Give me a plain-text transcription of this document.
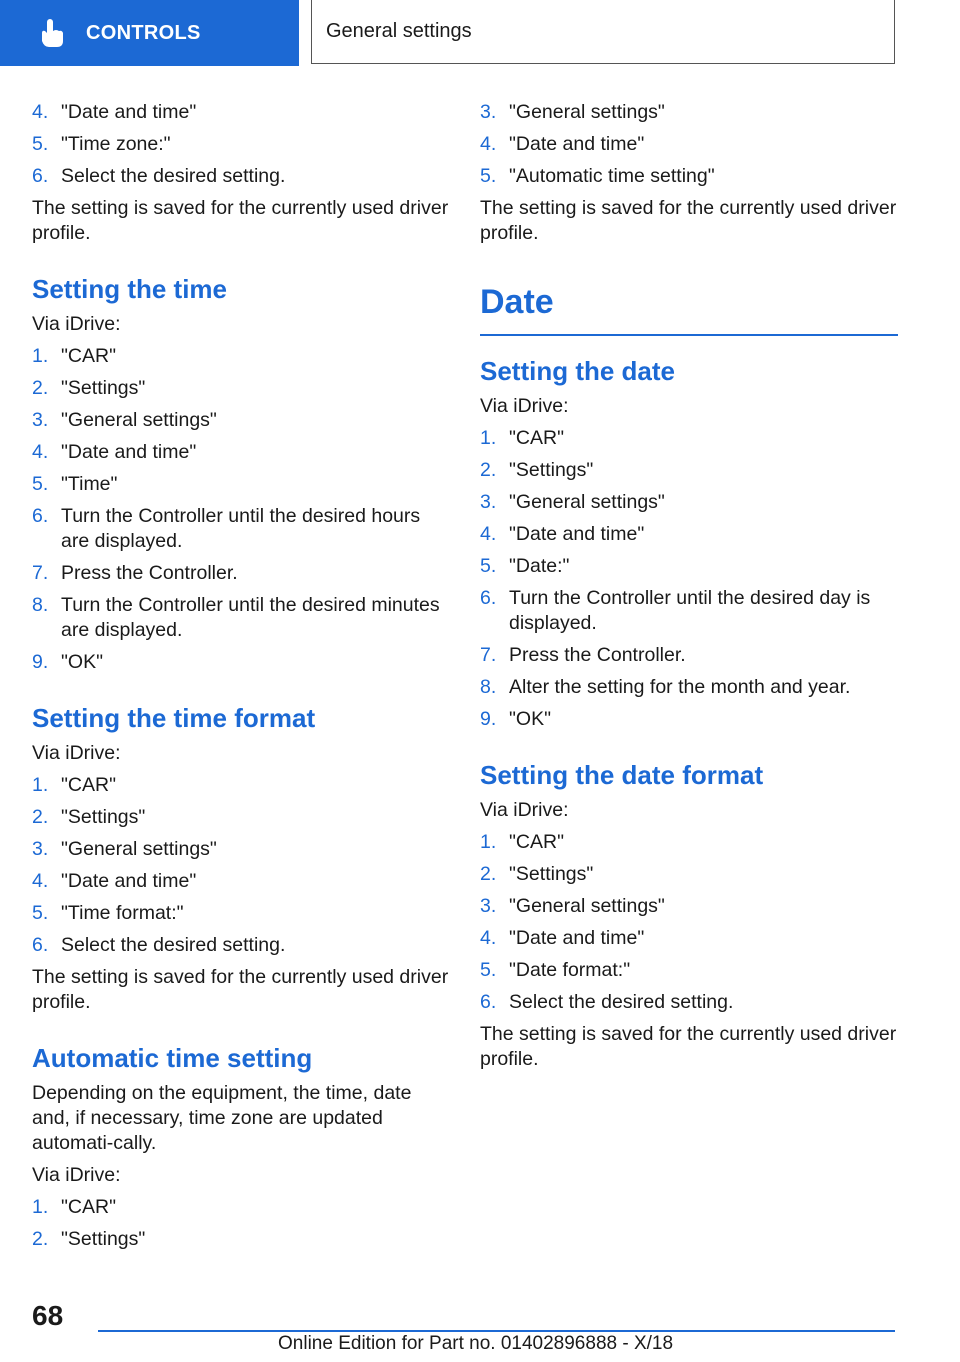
CONTROLS	General settings
4. "Date and time"
5. "Time zone:"
6. Select the desired setting.

The setting is saved for the currently used driver profile.

Setting the time

Via iDrive:

1. "CAR"
2. "Settings"
3. "General settings"
4. "Date and time"
5. "Time"
6. Turn the Controller until the desired hours are displayed.
7. Press the Controller.
8. Turn the Controller until the desired minutes are displayed.
9. "OK"
Setting the time format

Via iDrive:

1. "CAR"
2. "Settings"
3. "General settings"
4. "Date and time"
5. "Time format:"
6. Select the desired setting.

The setting is saved for the currently used driver profile.

Automatic time setting

Depending on the equipment, the time, date and, if necessary, time zone are updated automati-cally.

Via iDrive:

1. "CAR"
2. "Settings"
3. "General settings"
4. "Date and time"
5. "Automatic time setting"

The setting is saved for the currently used driver profile.

Date
Setting the date

Via iDrive:

1. "CAR"
2. "Settings"
3. "General settings"
4. "Date and time"
5. "Date:"
6. Turn the Controller until the desired day is displayed.
7. Press the Controller.
8. Alter the setting for the month and year.
9. "OK"
Setting the date format

Via iDrive:

1. "CAR"
2. "Settings"
3. "General settings"
4. "Date and time"
5. "Date format:"
6. Select the desired setting.

The setting is saved for the currently used driver profile.

68
Online Edition for Part no. 01402896888 - X/18
